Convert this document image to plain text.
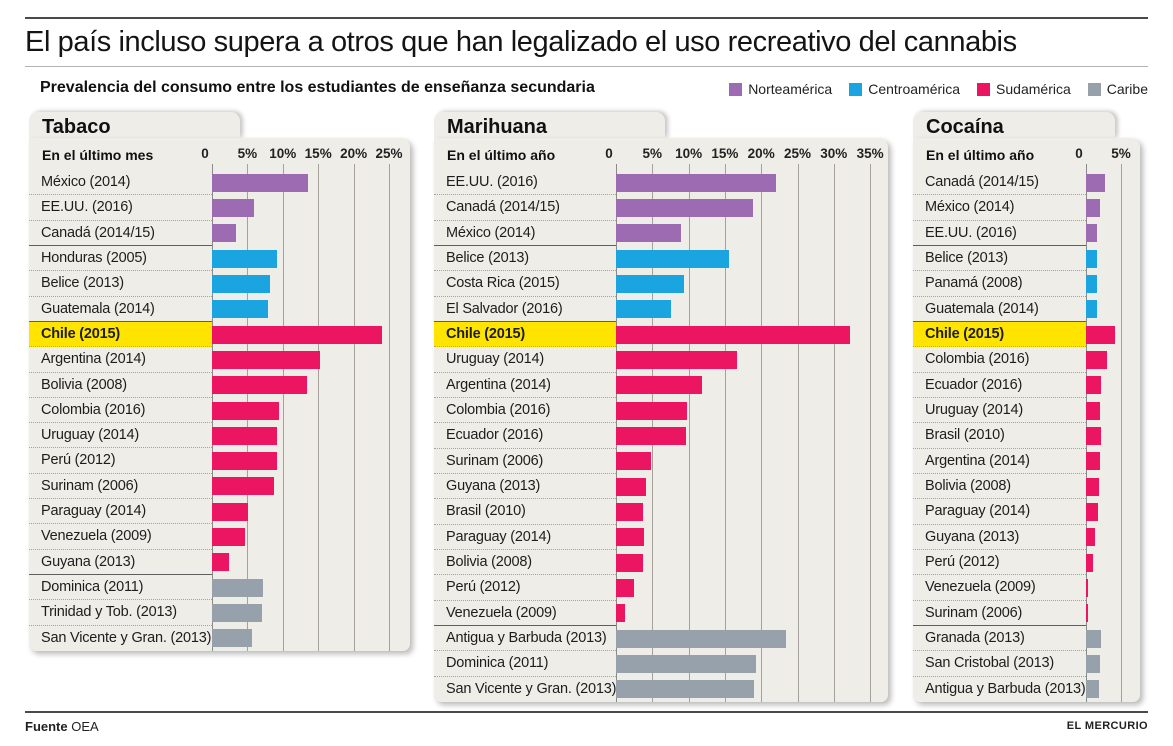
El país incluso supera a otros que han legalizado el uso recreativo del cannabis
Prevalencia del consumo entre los estudiantes de enseñanza secundaria	Norteamérica	Centroamérica	Sudamérica	Caribe
Tabaco
En el último mes	0	5% 10% 15% 20% 25%
México (2014)
EE.UU. (2016)
Canadá (2014/15)
Honduras (2005)
Belice (2013)
Guatemala (2014)
Chile (2015)
Argentina (2014)
Bolivia (2008)
Colombia (2016)
Uruguay (2014)
Perú (2012)
Surinam (2006)
Paraguay (2014)
Venezuela (2009)
Guyana (2013)
Dominica (2011)
Trinidad y Tob. (2013)
San Vicente y Gran. (2013)
Marihuana
En el último año	0	5% 10% 15% 20% 25% 30% 35%
EE.UU. (2016)
Canadá (2014/15)
México (2014)
Belice (2013)
Costa Rica (2015)
El Salvador (2016)
Chile (2015)
Uruguay (2014)
Argentina (2014)
Colombia (2016)
Ecuador (2016)
Surinam (2006)
Guyana (2013)
Brasil (2010)
Paraguay (2014)
Bolivia (2008)
Perú (2012)
Venezuela (2009)
Antigua y Barbuda (2013)
Dominica (2011)
San Vicente y Gran. (2013)
Cocaína
En el último año	0	5%
Canadá (2014/15)
México (2014)
EE.UU. (2016)
Belice (2013)
Panamá (2008)
Guatemala (2014)
Chile (2015)
Colombia (2016)
Ecuador (2016)
Uruguay (2014)
Brasil (2010)
Argentina (2014)
Bolivia (2008)
Paraguay (2014)
Guyana (2013)
Perú (2012)
Venezuela (2009)
Surinam (2006)
Granada (2013)
San Cristobal (2013)
Antigua y Barbuda (2013)
Fuente OEA	EL MERCURIO
